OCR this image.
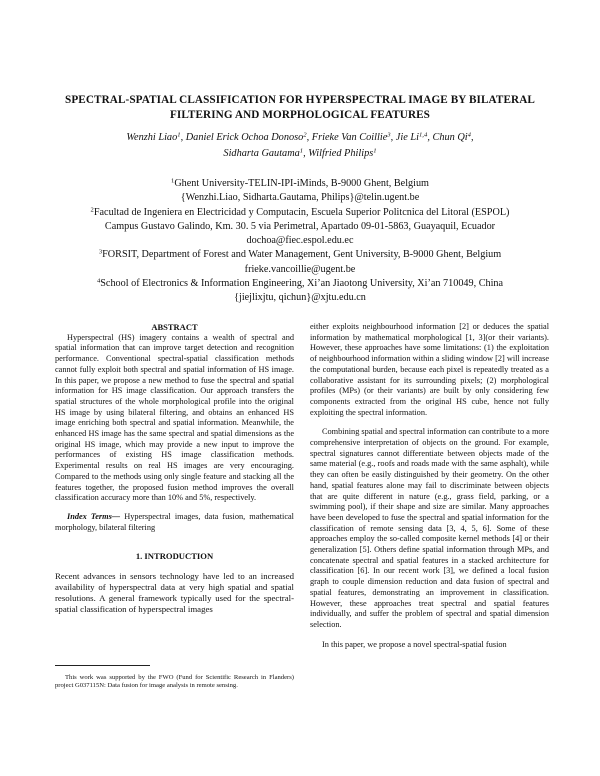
SPECTRAL-SPATIAL CLASSIFICATION FOR HYPERSPECTRAL IMAGE BY BILATERAL
FILTERING AND MORPHOLOGICAL FEATURES
Wenzhi Liao$^1$, Daniel Erick Ochoa Donoso$^2$, Frieke Van Coillie$^3$, Jie Li$^{1,4}$, Chun Qi$^4$,
Sidharta Gautama$^1$, Wilfried Philips$^1$
$^1$Ghent University-TELIN-IPI-iMinds, B-9000 Ghent, Belgium
{Wenzhi.Liao, Sidharta.Gautama, Philips}@telin.ugent.be
$^2$Facultad de Ingeniera en Electricidad y Computacin, Escuela Superior Politcnica del Litoral (ESPOL)
Campus Gustavo Galindo, Km. 30. 5 via Perimetral, Apartado 09-01-5863, Guayaquil, Ecuador
dochoa@fiec.espol.edu.ec
$^3$FORSIT, Department of Forest and Water Management, Gent University, B-9000 Ghent, Belgium
frieke.vancoillie@ugent.be
$^4$School of Electronics & Information Engineering, Xi’an Jiaotong University, Xi’an 710049, China
{jiejlixjtu, qichun}@xjtu.edu.cn

ABSTRACT

Hyperspectral (HS) imagery contains a wealth of spectral and spatial information that can improve target detection and recognition performance. Conventional spectral-spatial classification methods cannot fully exploit both spectral and spatial information of HS image. In this paper, we propose a new method to fuse the spectral and spatial information for HS image classification. Our approach transfers the spatial structures of the whole morphological profile into the original HS image by using bilateral filtering, and obtains an enhanced HS image enriching both spectral and spatial information. Meanwhile, the enhanced HS image has the same spectral and spatial dimensions as the original HS image, which may provide a new input to improve the performances of existing HS image classification methods. Experimental results on real HS images are very encouraging. Compared to the methods using only single feature and stacking all the features together, the proposed fusion method improves the overall classification accuracy more than 10% and 5%, respectively.

Index Terms— Hyperspectral images, data fusion, mathematical morphology, bilateral filtering

1. INTRODUCTION

Recent advances in sensors technology have led to an increased availability of hyperspectral data at very high spatial and spatial resolutions. A general framework typically used for the spectral-spatial classification of hyperspectral images

This work was supported by the FWO (Fund for Scientific Research in Flanders) project G037115N: Data fusion for image analysis in remote sensing.

either exploits neighbourhood information [2] or deduces the spatial information by mathematical morphological [1, 3](or their variants). However, these approaches have some limitations: (1) the exploitation of neighbourhood information within a sliding window [2] will increase the computational burden, because each pixel is repeatedly treated as a collaborative assistant for its surrounding pixels; (2) morphological profiles (MPs) (or their variants) are built by only considering few components extracted from the original HS cube, hence not fully exploiting the spectral information.

Combining spatial and spectral information can contribute to a more comprehensive interpretation of objects on the ground. For example, spectral signatures cannot differentiate between objects made of the same material (e.g., roofs and roads made with the same asphalt), while they can often be easily distinguished by their geometry. On the other hand, spatial features alone may fail to discriminate between objects that are quite different in nature (e.g., grass field, parking, or a swimming pool), if their shape and size are similar. Many approaches have been developed to fuse the spectral and spatial information for the classification of remote sensing data [3, 4, 5, 6]. Some of these approaches employ the so-called composite kernel methods [4] or their generalization [5]. Others define spatial information through MPs, and concatenate spectral and spatial features in a stacked architecture for classification [6]. In our recent work [3], we defined a local fusion graph to couple dimension reduction and data fusion of spectral and spatial features, demonstrating an improvement in classification. However, these approaches treat spectral and spatial features individually, and suffer the problem of spectral and spatial dimension selection.

In this paper, we propose a novel spectral-spatial fusion
